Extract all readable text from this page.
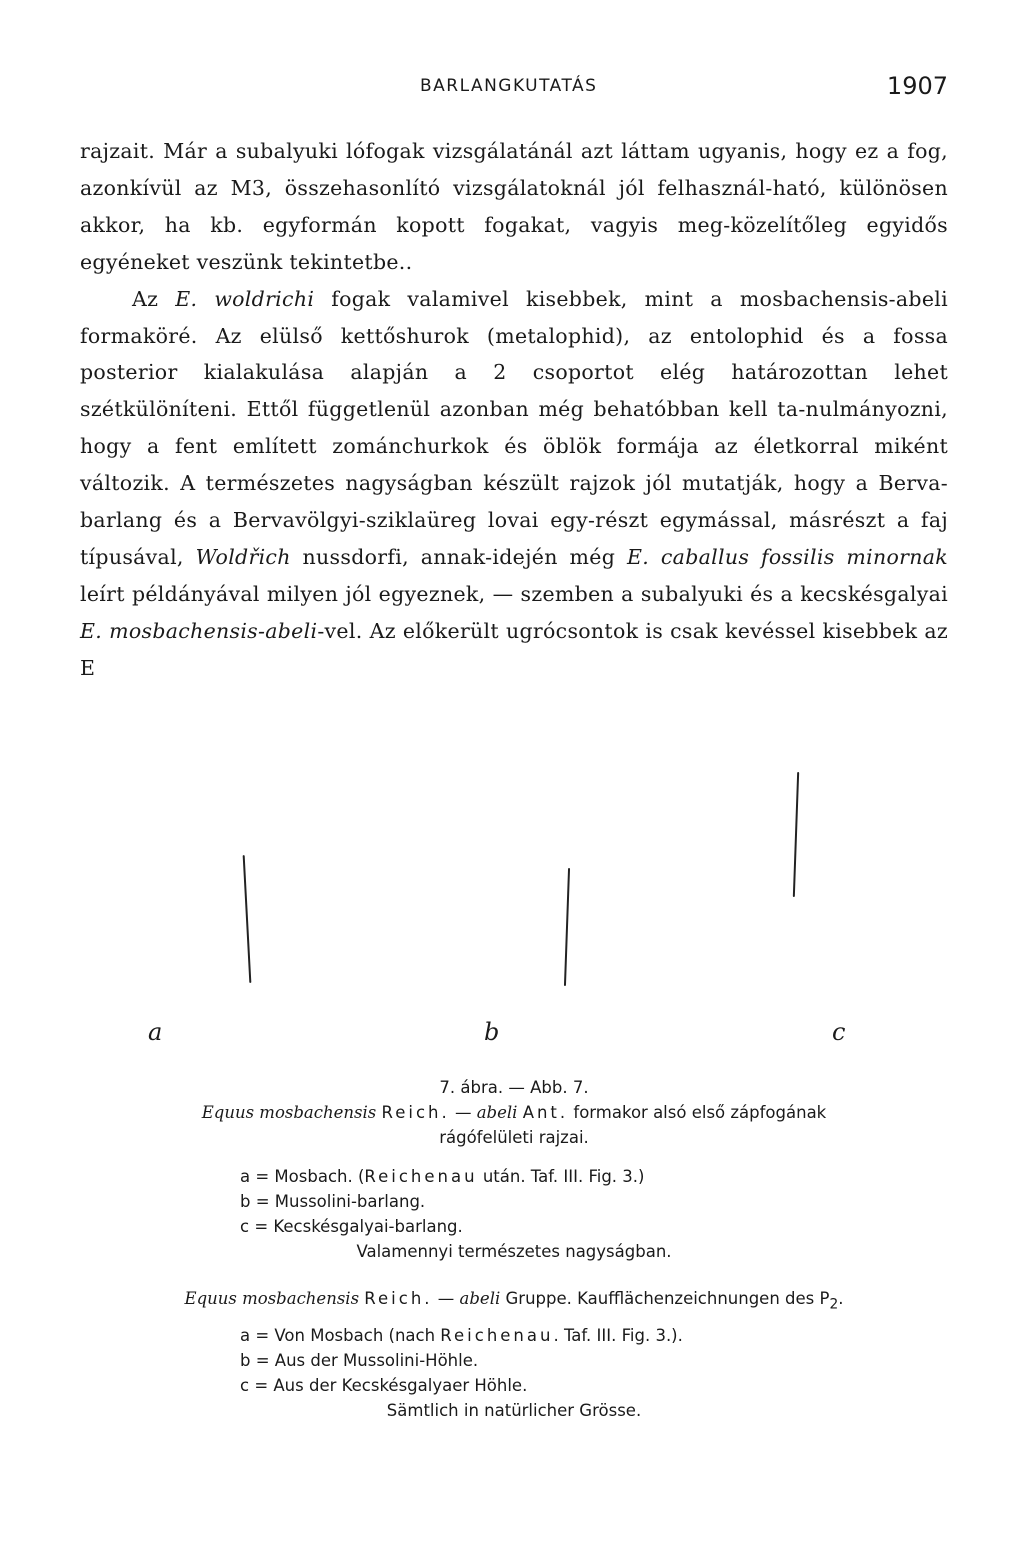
BARLANGKUTATÁS	1907

rajzait. Már a subalyuki lófogak vizsgálatánál azt láttam ugyanis, hogy ez a fog, azonkívül az M3, összehasonlító vizsgálatoknál jól felhasznál-ható, különösen akkor, ha kb. egyformán kopott fogakat, vagyis meg-közelítőleg egyidős egyéneket veszünk tekintetbe..

Az E. woldrichi fogak valamivel kisebbek, mint a mosbachensis-abeli formaköré. Az elülső kettőshurok (metalophid), az entolophid és a fossa posterior kialakulása alapján a 2 csoportot elég határozottan lehet szétkülöníteni. Ettől függetlenül azonban még behatóbban kell ta-nulmányozni, hogy a fent említett zománchurkok és öblök formája az életkorral miként változik. A természetes nagyságban készült rajzok jól mutatják, hogy a Berva-barlang és a Bervavölgyi-sziklaüreg lovai egy-részt egymással, másrészt a faj típusával, Woldřich nussdorfi, annak-idején még E. caballus fossilis minornak leírt példányával milyen jól egyeznek, — szemben a subalyuki és a kecskésgalyai E. mosbachensis-abeli-vel. Az előkerült ugrócsontok is csak kevéssel kisebbek az E

a	b	c
7. ábra. — Abb. 7.
Equus mosbachensis Reich. — abeli Ant. formakor alsó első zápfogának
rágófelületi rajzai.
a = Mosbach. (Reichenau után. Taf. III. Fig. 3.)
b = Mussolini-barlang.
c = Kecskésgalyai-barlang.
Valamennyi természetes nagyságban.
Equus mosbachensis Reich. — abeli Gruppe. Kaufflächenzeichnungen des $P_2$.
a = Von Mosbach (nach Reichenau. Taf. III. Fig. 3.).
b = Aus der Mussolini-Höhle.
c = Aus der Kecskésgalyaer Höhle.
Sämtlich in natürlicher Grösse.
